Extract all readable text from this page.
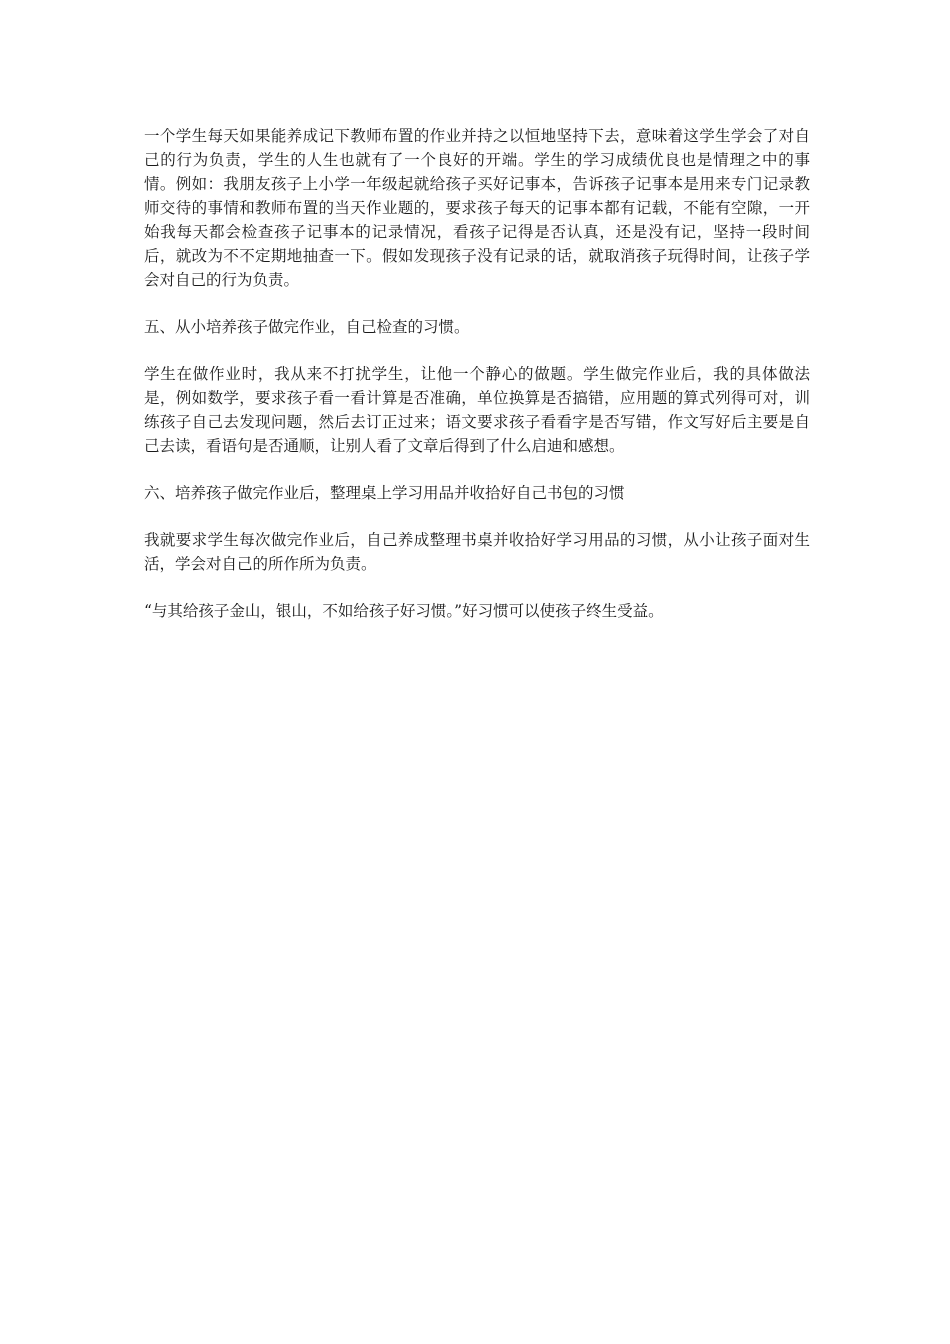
一个学生每天如果能养成记下教师布置的作业并持之以恒地坚持下去，意味着这学生学会了对自己的行为负责，学生的人生也就有了一个良好的开端。学生的学习成绩优良也是情理之中的事情。例如：我朋友孩子上小学一年级起就给孩子买好记事本，告诉孩子记事本是用来专门记录教师交待的事情和教师布置的当天作业题的，要求孩子每天的记事本都有记载，不能有空隙，一开始我每天都会检查孩子记事本的记录情况，看孩子记得是否认真，还是没有记，坚持一段时间后，就改为不不定期地抽查一下。假如发现孩子没有记录的话，就取消孩子玩得时间，让孩子学会对自己的行为负责。

五、从小培养孩子做完作业，自己检查的习惯。

学生在做作业时，我从来不打扰学生，让他一个静心的做题。学生做完作业后，我的具体做法是，例如数学，要求孩子看一看计算是否准确，单位换算是否搞错，应用题的算式列得可对，训练孩子自己去发现问题，然后去订正过来；语文要求孩子看看字是否写错，作文写好后主要是自己去读，看语句是否通顺，让别人看了文章后得到了什么启迪和感想。

六、培养孩子做完作业后，整理桌上学习用品并收拾好自己书包的习惯

我就要求学生每次做完作业后，自己养成整理书桌并收拾好学习用品的习惯，从小让孩子面对生活，学会对自己的所作所为负责。

“与其给孩子金山，银山，不如给孩子好习惯。”好习惯可以使孩子终生受益。
